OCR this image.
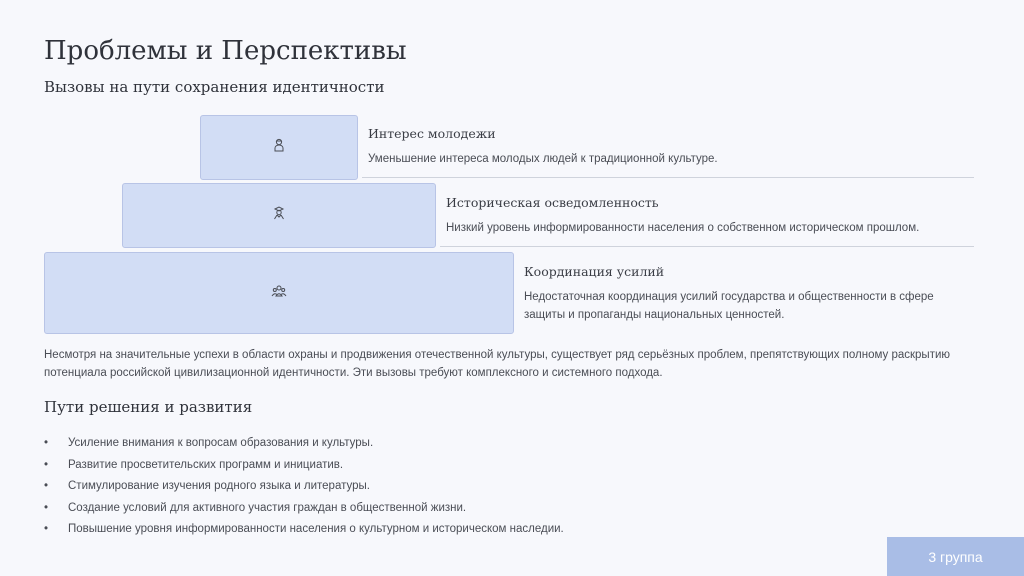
Проблемы и Перспективы
Вызовы на пути сохранения идентичности
Интерес молодежи
Уменьшение интереса молодых людей к традиционной культуре.
Историческая осведомленность
Низкий уровень информированности населения о собственном историческом прошлом.
Координация усилий
Недостаточная координация усилий государства и общественности в сфере
защиты и пропаганды национальных ценностей.
Несмотря на значительные успехи в области охраны и продвижения отечественной культуры, существует ряд серьёзных проблем, препятствующих полному раскрытию потенциала российской цивилизационной идентичности. Эти вызовы требуют комплексного и системного подхода.
Пути решения и развития
• Усиление внимания к вопросам образования и культуры.
• Развитие просветительских программ и инициатив.
• Стимулирование изучения родного языка и литературы.
• Создание условий для активного участия граждан в общественной жизни.
• Повышение уровня информированности населения о культурном и историческом наследии.
3 группа
